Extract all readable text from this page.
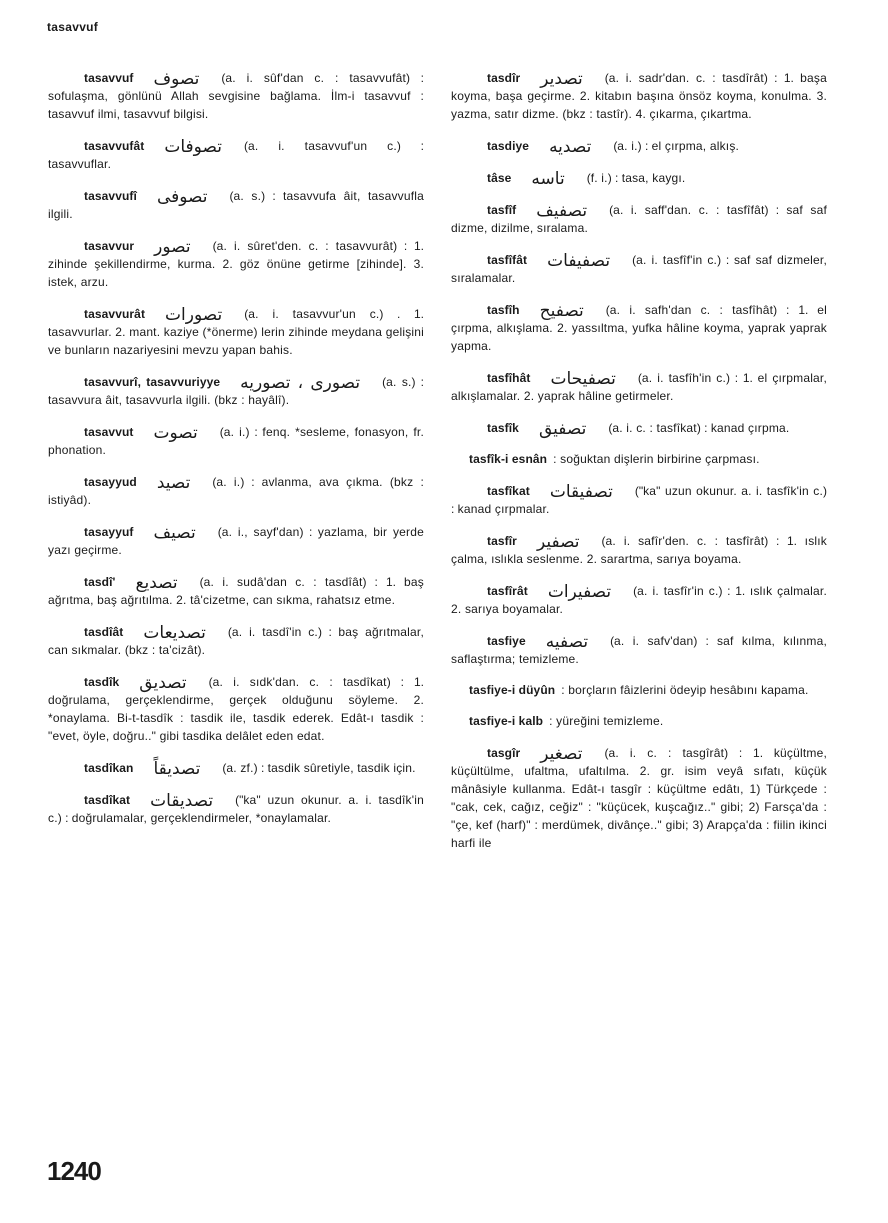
tasavvuf
tasavvuf تصوف (a. i. sûf'dan c. : tasavvufât) : sofulaşma, gönlünü Allah sevgisine bağlama. İlm-i tasavvuf : tasavvuf ilmi, tasavvuf bilgisi.
tasavvufât تصوفات (a. i. tasavvuf'un c.) : tasavvuflar.
tasavvufî تصوفى (a. s.) : tasavvufa âit, tasavvufla ilgili.
tasavvur تصور (a. i. sûret'den. c. : tasavvurât) : 1. zihinde şekillendirme, kurma. 2. göz önüne getirme [zihinde]. 3. istek, arzu.
tasavvurât تصورات (a. i. tasavvur'un c.) . 1. tasavvurlar. 2. mant. kaziye (*önerme) lerin zihinde meydana gelişini ve bunların nazariyesini mevzu yapan bahis.
tasavvurî, tasavvuriyye تصورى ، تصوريه (a. s.) : tasavvura âit, tasavvurla ilgili. (bkz : hayâlî).
tasavvut تصوت (a. i.) : fenq. *sesleme, fonasyon, fr. phonation.
tasayyud تصيد (a. i.) : avlanma, ava çıkma. (bkz : istiyâd).
tasayyuf تصيف (a. i., sayf'dan) : yazlama, bir yerde yazı geçirme.
tasdî' تصديع (a. i. sudâ'dan c. : tasdîât) : 1. baş ağrıtma, baş ağrıtılma. 2. tâ'cizetme, can sıkma, rahatsız etme.
tasdîât تصديعات (a. i. tasdî'in c.) : baş ağrıtmalar, can sıkmalar. (bkz : ta'cizât).
tasdîk تصديق (a. i. sıdk'dan. c. : tasdîkat) : 1. doğrulama, gerçeklendirme, gerçek olduğunu söyleme. 2. *onaylama. Bi-t-tasdîk : tasdik ile, tasdik ederek. Edât-ı tasdik : "evet, öyle, doğru.." gibi tasdika delâlet eden edat.
tasdîkan تصديقاً (a. zf.) : tasdik sûretiyle, tasdik için.
tasdîkat تصديقات ("ka" uzun okunur. a. i. tasdîk'in c.) : doğrulamalar, gerçeklendirmeler, *onaylamalar.
tasdîr تصدير (a. i. sadr'dan. c. : tasdîrât) : 1. başa koyma, başa geçirme. 2. kitabın başına önsöz koyma, konulma. 3. yazma, satır dizme. (bkz : tastîr). 4. çıkarma, çıkartma.
tasdiye تصديه (a. i.) : el çırpma, alkış.
tâse تاسه (f. i.) : tasa, kaygı.
tasfîf تصفيف (a. i. saff'dan. c. : tasfîfât) : saf saf dizme, dizilme, sıralama.
tasfîfât تصفيفات (a. i. tasfîf'in c.) : saf saf dizmeler, sıralamalar.
tasfîh تصفيح (a. i. safh'dan c. : tasfîhât) : 1. el çırpma, alkışlama. 2. yassıltma, yufka hâline koyma, yaprak yaprak yapma.
tasfîhât تصفيحات (a. i. tasfîh'in c.) : 1. el çırpmalar, alkışlamalar. 2. yaprak hâline getirmeler.
tasfîk تصفيق (a. i. c. : tasfîkat) : kanad çırpma.
tasfîk-i esnân : soğuktan dişlerin birbirine çarpması.
tasfîkat تصفيقات ("ka" uzun okunur. a. i. tasfîk'in c.) : kanad çırpmalar.
tasfîr تصفير (a. i. safîr'den. c. : tasfîrât) : 1. ıslık çalma, ıslıkla seslenme. 2. sarartma, sarıya boyama.
tasfîrât تصفيرات (a. i. tasfîr'in c.) : 1. ıslık çalmalar. 2. sarıya boyamalar.
tasfiye تصفيه (a. i. safv'dan) : saf kılma, kılınma, saflaştırma; temizleme.
tasfiye-i düyûn : borçların fâizlerini ödeyip hesâbını kapama.
tasfiye-i kalb : yüreğini temizleme.
tasgîr تصغير (a. i. c. : tasgîrât) : 1. küçültme, küçültülme, ufaltma, ufaltılma. 2. gr. isim veyâ sıfatı, küçük mânâsiyle kullanma. Edât-ı tasgîr : küçültme edâtı, 1) Türkçede : "cak, cek, cağız, ceğiz" : "küçücek, kuşcağız.." gibi; 2) Farsça'da : "çe, kef (harf)" : merdümek, divânçe.." gibi; 3) Arapça'da : fiilin ikinci harfi ile
1240
